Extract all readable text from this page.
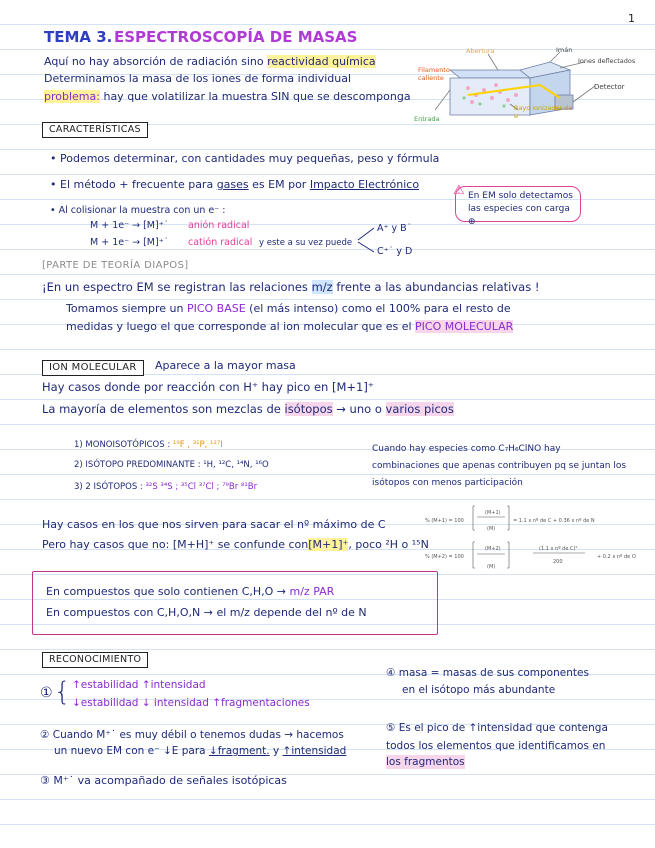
1
TEMA 3. ESPECTROSCOPÍA DE MASAS
Aquí no hay absorción de radiación sino reactividad química
Determinamos la masa de los iones de forma individual
problema: hay que volatilizar la muestra SIN que se descomponga
Abertura	Imán
Iones deflectados
Filamento caliente
Detector
Rayo ionizador de e⁻
Entrada
CARACTERÍSTICAS
• Podemos determinar, con cantidades muy pequeñas, peso y fórmula
• El método + frecuente para gases es EM por Impacto Electrónico
• Al colisionar la muestra con un e⁻ :
M + 1e⁻ → [M]⁺˙ anión radical
M + 1e⁻ → [M]⁺˙ catión radical y este a su vez puede
A⁺ y B˙
C⁺˙ y D
⚠ En EM solo detectamos las especies con carga ⊕
[PARTE DE TEORÍA DIAPOS]
¡En un espectro EM se registran las relaciones m/z frente a las abundancias relativas !
Tomamos siempre un PICO BASE (el más intenso) como el 100% para el resto de
medidas y luego el que corresponde al ion molecular que es el PICO MOLECULAR
ION MOLECULAR	Aparece a la mayor masa
Hay casos donde por reacción con H⁺ hay pico en [M+1]⁺
La mayoría de elementos son mezclas de isótopos → uno o varios picos
1) MONOISOTÓPICOS : ¹⁹F , ³¹P, ¹²⁷I
2) ISÓTOPO PREDOMINANTE : ¹H, ¹²C, ¹⁴N, ¹⁶O
3) 2 ISÓTOPOS : ³²S ³⁴S ; ³⁵Cl ³⁷Cl ; ⁷⁹Br ⁸¹Br
Cuando hay especies como C₇H₆ClNO hay combinaciones que apenas contribuyen pq se juntan los isótopos con menos participación
Hay casos en los que nos sirven para sacar el nº máximo de C
Pero hay casos que no: [M+H]⁺ se confunde con[M+1]⁺, poco ²H o ¹⁵N
% (M+1) = 100
(M+1)
(M)
= 1.1 x nº de C + 0.36 x nº de N
% (M+2) = 100
(M+2)
(M)
(1.1 x nº de C)²
200
+ 0.2 x nº de O
En compuestos que solo contienen C,H,O → m/z PAR
En compuestos con C,H,O,N → el m/z depende del nº de N
RECONOCIMIENTO
① { ↑estabilidad ↑intensidad
↓estabilidad ↓ intensidad ↑fragmentaciones
② Cuando M⁺˙ es muy débil o tenemos dudas → hacemos
un nuevo EM con e⁻ ↓E para ↓fragment. y ↑intensidad
③ M⁺˙ va acompañado de señales isotópicas
④ masa = masas de sus componentes
en el isótopo más abundante
⑤ Es el pico de ↑intensidad que contenga
todos los elementos que identificamos en
los fragmentos
